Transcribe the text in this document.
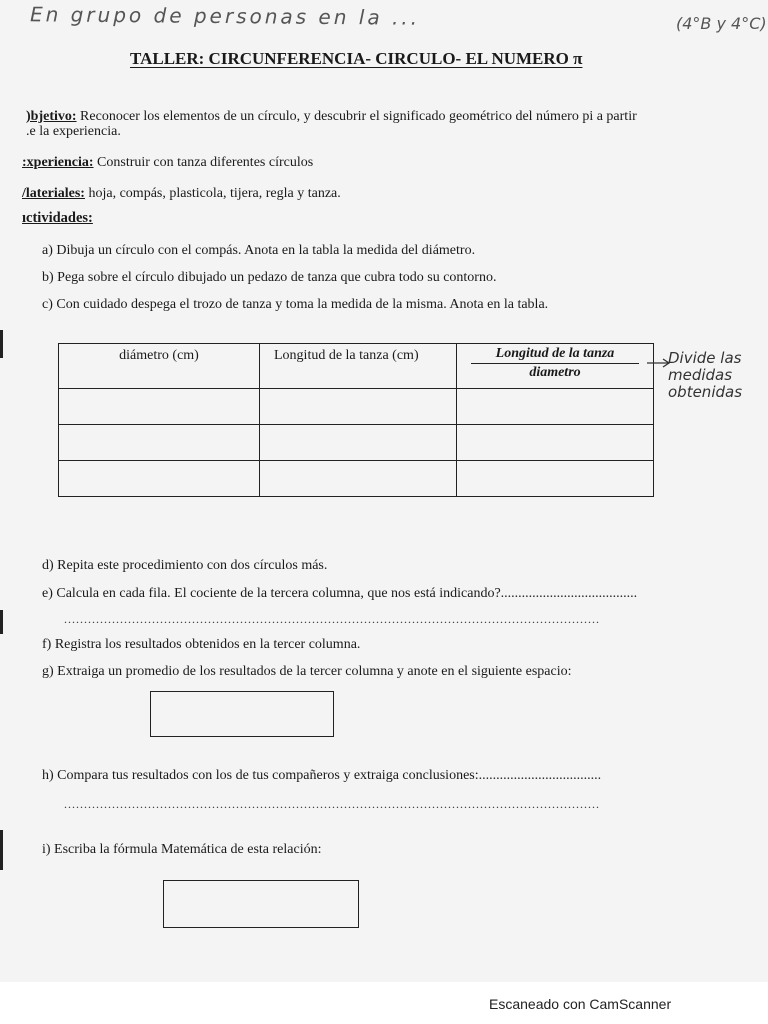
En grupo de personas en la ...	(4°B y 4°C)
TALLER: CIRCUNFERENCIA- CIRCULO- EL NUMERO π
)bjetivo: Reconocer los elementos de un círculo, y descubrir el significado geométrico del número pi a partir
.e la experiencia.
:xperiencia: Construir con tanza diferentes círculos
/lateriales: hoja, compás, plasticola, tijera, regla y tanza.
ıctividades:
a) Dibuja un círculo con el compás. Anota en la tabla la medida del diámetro.
b) Pega sobre el círculo dibujado un pedazo de tanza que cubra todo su contorno.
c) Con cuidado despega el trozo de tanza y toma la medida de la misma. Anota en la tabla.
diámetro (cm)	Longitud de la tanza (cm)	Longitud de la tanza
diametro

Divide las medidas obtenidas
d) Repita este procedimiento con dos círculos más.
e) Calcula en cada fila. El cociente de la tercera columna, que nos está indicando?.......................................
......................................................................................................................................
f) Registra los resultados obtenidos en la tercer columna.
g) Extraiga un promedio de los resultados de la tercer columna y anote en el siguiente espacio:
h) Compara tus resultados con los de tus compañeros y extraiga conclusiones:...................................
......................................................................................................................................
i) Escriba la fórmula Matemática de esta relación:
Escaneado con CamScanner
